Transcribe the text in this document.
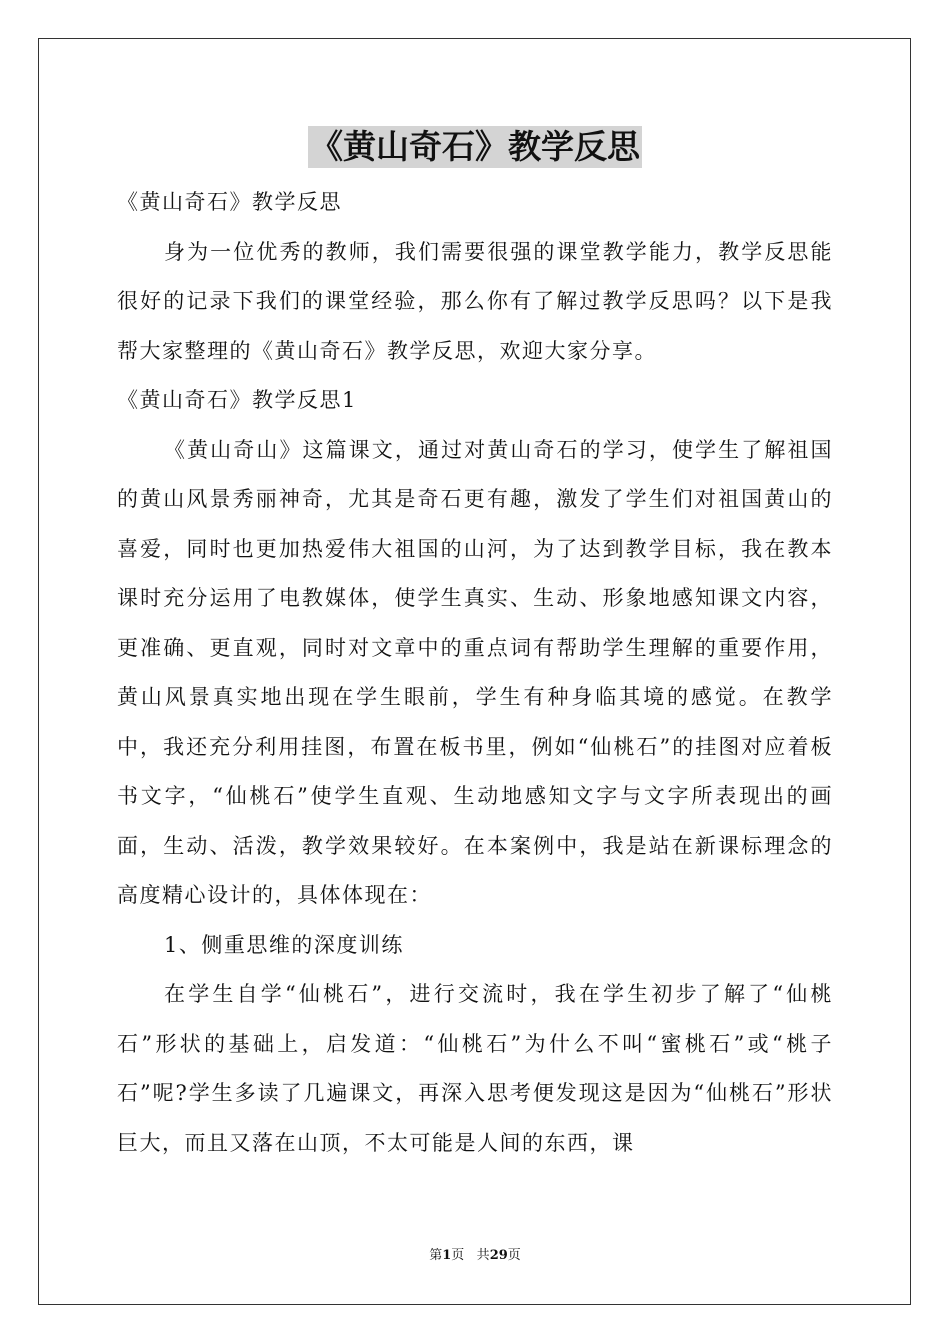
《黄山奇石》教学反思

《黄山奇石》教学反思

身为一位优秀的教师，我们需要很强的课堂教学能力，教学反思能很好的记录下我们的课堂经验，那么你有了解过教学反思吗？以下是我帮大家整理的《黄山奇石》教学反思，欢迎大家分享。

《黄山奇石》教学反思1

《黄山奇山》这篇课文，通过对黄山奇石的学习，使学生了解祖国的黄山风景秀丽神奇，尤其是奇石更有趣，激发了学生们对祖国黄山的喜爱，同时也更加热爱伟大祖国的山河，为了达到教学目标，我在教本课时充分运用了电教媒体，使学生真实、生动、形象地感知课文内容，更准确、更直观，同时对文章中的重点词有帮助学生理解的重要作用，黄山风景真实地出现在学生眼前，学生有种身临其境的感觉。在教学中，我还充分利用挂图，布置在板书里，例如“仙桃石”的挂图对应着板书文字，“仙桃石”使学生直观、生动地感知文字与文字所表现出的画面，生动、活泼，教学效果较好。在本案例中，我是站在新课标理念的高度精心设计的，具体体现在：

1、侧重思维的深度训练

在学生自学“仙桃石”，进行交流时，我在学生初步了解了“仙桃石”形状的基础上，启发道：“仙桃石”为什么不叫“蜜桃石”或“桃子石”呢?学生多读了几遍课文，再深入思考便发现这是因为“仙桃石”形状巨大，而且又落在山顶，不太可能是人间的东西，课

第1页 共29页
